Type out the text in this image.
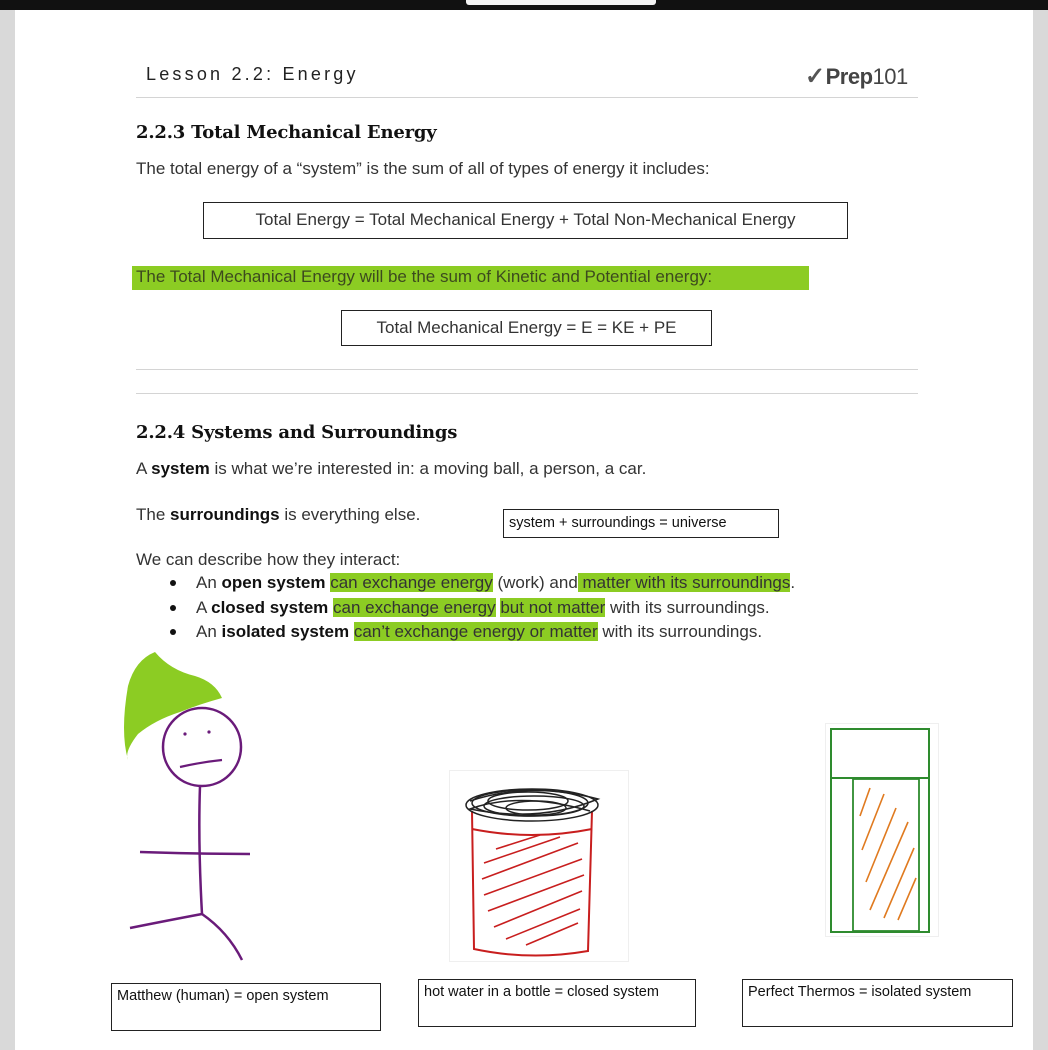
Lesson 2.2: Energy	✓Prep101
2.2.3 Total Mechanical Energy
The total energy of a “system” is the sum of all of types of energy it includes:
Total Energy = Total Mechanical Energy + Total Non-Mechanical Energy
The Total Mechanical Energy will be the sum of Kinetic and Potential energy:
Total Mechanical Energy = E = KE + PE
2.2.4 Systems and Surroundings
A system is what we’re interested in: a moving ball, a person, a car.
The surroundings is everything else.	system + surroundings = universe
We can describe how they interact:
An open system can exchange energy (work) and matter with its surroundings.
A closed system can exchange energy but not matter with its surroundings.
An isolated system can’t exchange energy or matter with its surroundings.
Matthew (human) = open system	hot water in a bottle = closed system	Perfect Thermos = isolated system
